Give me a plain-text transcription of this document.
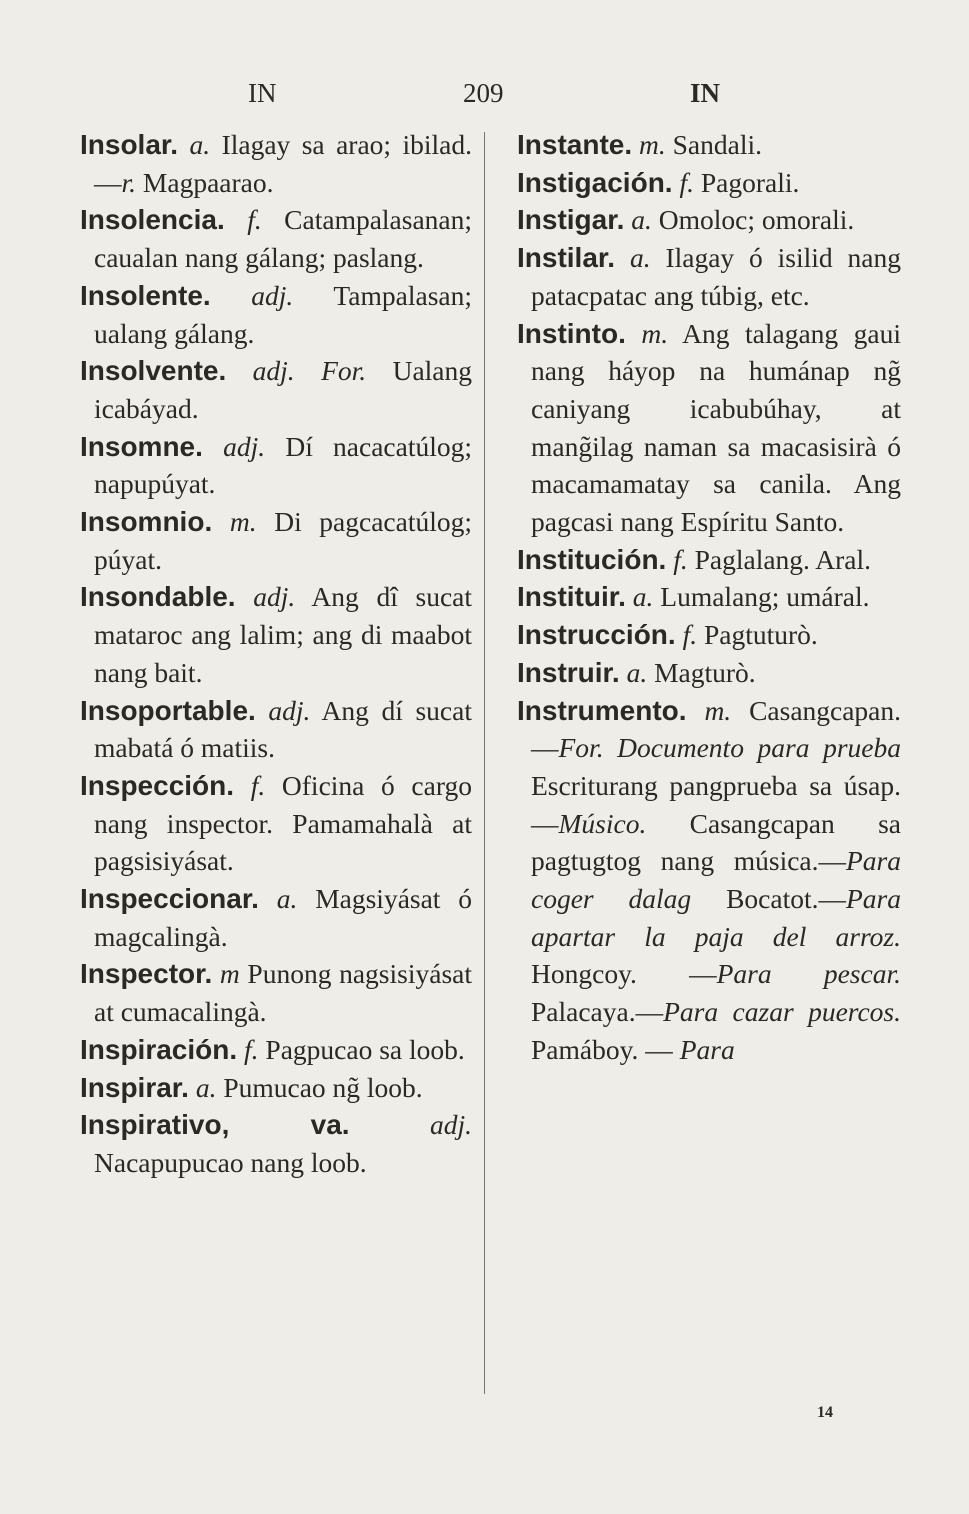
IN	209	IN

Insolar. a. Ilagay sa arao; ibilad.—r. Magpaarao.

Insolencia. f. Catampalasanan; caualan nang gálang; paslang.

Insolente. adj. Tampalasan; ualang gálang.

Insolvente. adj. For. Ualang icabáyad.

Insomne. adj. Dí nacacatúlog; napupúyat.

Insomnio. m. Di pagcacatúlog; púyat.

Insondable. adj. Ang dî sucat mataroc ang lalim; ang di maabot nang bait.

Insoportable. adj. Ang dí sucat mabatá ó matiis.

Inspección. f. Oficina ó cargo nang inspector. Pamamahalà at pagsisiyásat.

Inspeccionar. a. Magsiyásat ó magcalingà.

Inspector. m Punong nagsisiyásat at cumacalingà.

Inspiración. f. Pagpucao sa loob.

Inspirar. a. Pumucao ng̃ loob.

Inspirativo, va.	adj. Nacapupucao nang loob.

Instante. m. Sandali.

Instigación. f. Pagorali.

Instigar. a. Omoloc; omorali.

Instilar. a. Ilagay ó isilid nang patacpatac ang túbig, etc.

Instinto. m. Ang talagang gaui nang háyop na humánap ng̃ caniyang icabubúhay, at mang̃ilag naman sa macasisirà ó macamamatay sa canila. Ang pagcasi nang Espíritu Santo.

Institución. f. Paglalang. Aral.

Instituir. a. Lumalang; umáral.

Instrucción. f. Pagtuturò.

Instruir. a. Magturò.

Instrumento. m. Casangcapan.—For. Documento para prueba Escriturang pangprueba sa úsap.—Músico. Casangcapan sa pagtugtog nang música.—Para coger dalag Bocatot.—Para apartar la paja del arroz. Hongcoy. —Para pescar. Palacaya.—Para cazar puercos. Pamáboy. — Para

14
